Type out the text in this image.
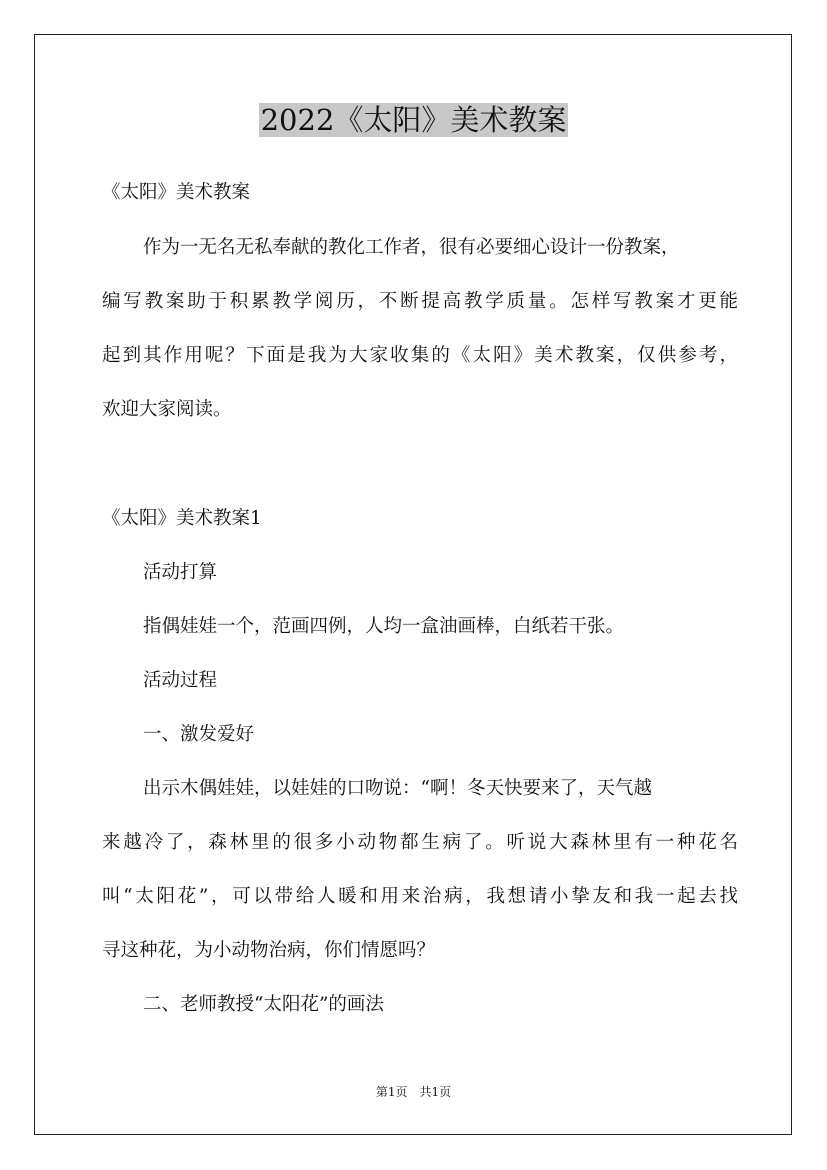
2022《太阳》美术教案
《太阳》美术教案
作为一无名无私奉献的教化工作者，很有必要细心设计一份教案，
编写教案助于积累教学阅历，不断提高教学质量。怎样写教案才更能
起到其作用呢？下面是我为大家收集的《太阳》美术教案，仅供参考，
欢迎大家阅读。
《太阳》美术教案1
活动打算
指偶娃娃一个，范画四例，人均一盒油画棒，白纸若干张。
活动过程
一、激发爱好
出示木偶娃娃，以娃娃的口吻说：“啊！冬天快要来了，天气越
来越冷了，森林里的很多小动物都生病了。听说大森林里有一种花名
叫“太阳花”，可以带给人暖和用来治病，我想请小挚友和我一起去找
寻这种花，为小动物治病，你们情愿吗？
二、老师教授“太阳花”的画法
第1页　共1页
